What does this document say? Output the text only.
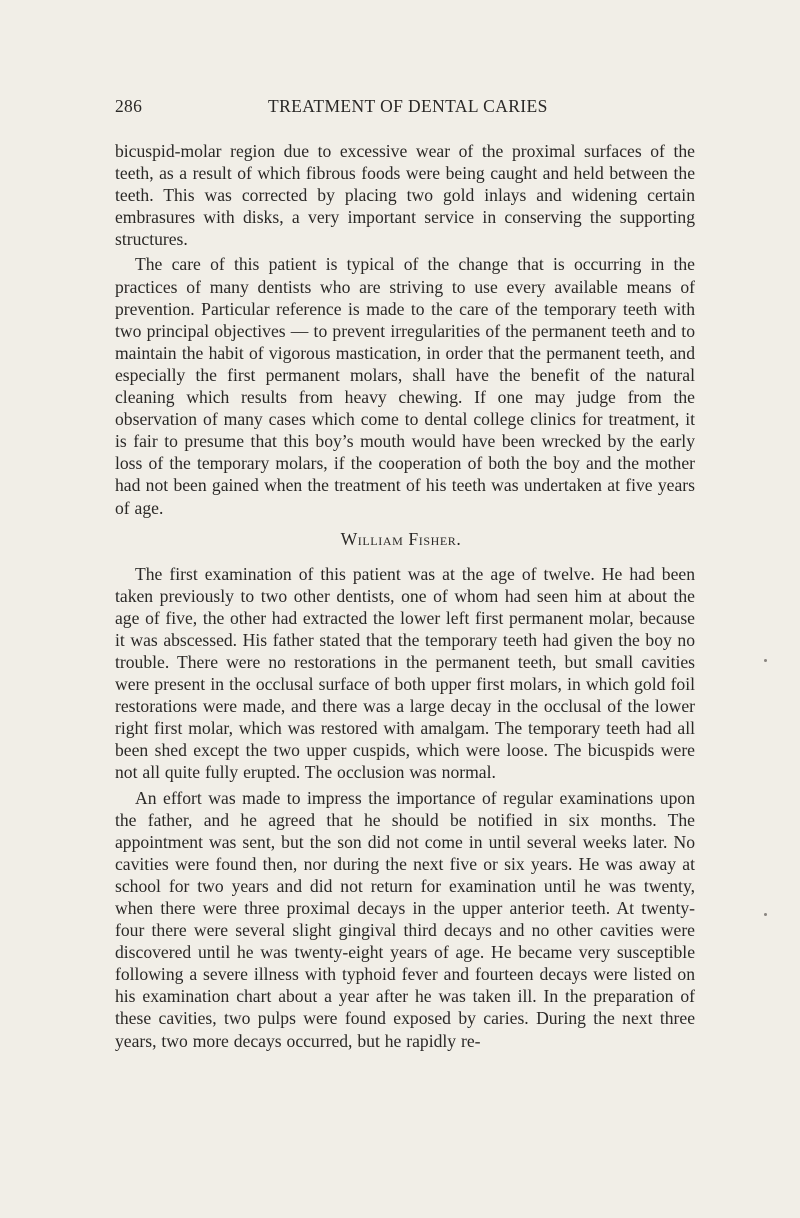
286	TREATMENT OF DENTAL CARIES

bicuspid-molar region due to excessive wear of the proximal surfaces of the teeth, as a result of which fibrous foods were being caught and held between the teeth. This was corrected by placing two gold inlays and widening certain embrasures with disks, a very important service in conserving the supporting structures.

The care of this patient is typical of the change that is occurring in the practices of many dentists who are striving to use every available means of prevention. Particular reference is made to the care of the temporary teeth with two principal objectives — to prevent irregularities of the permanent teeth and to maintain the habit of vigorous mastication, in order that the permanent teeth, and especially the first permanent molars, shall have the benefit of the natural cleaning which results from heavy chewing. If one may judge from the observation of many cases which come to dental college clinics for treatment, it is fair to presume that this boy’s mouth would have been wrecked by the early loss of the temporary molars, if the cooperation of both the boy and the mother had not been gained when the treatment of his teeth was undertaken at five years of age.

William Fisher.

The first examination of this patient was at the age of twelve. He had been taken previously to two other dentists, one of whom had seen him at about the age of five, the other had extracted the lower left first permanent molar, because it was abscessed. His father stated that the temporary teeth had given the boy no trouble. There were no restorations in the permanent teeth, but small cavities were present in the occlusal surface of both upper first molars, in which gold foil restorations were made, and there was a large decay in the occlusal of the lower right first molar, which was restored with amalgam. The temporary teeth had all been shed except the two upper cuspids, which were loose. The bicuspids were not all quite fully erupted. The occlusion was normal.

An effort was made to impress the importance of regular examinations upon the father, and he agreed that he should be notified in six months. The appointment was sent, but the son did not come in until several weeks later. No cavities were found then, nor during the next five or six years. He was away at school for two years and did not return for examination until he was twenty, when there were three proximal decays in the upper anterior teeth. At twenty-four there were several slight gingival third decays and no other cavities were discovered until he was twenty-eight years of age. He became very susceptible following a severe illness with typhoid fever and fourteen decays were listed on his examination chart about a year after he was taken ill. In the preparation of these cavities, two pulps were found exposed by caries. During the next three years, two more decays occurred, but he rapidly re-
